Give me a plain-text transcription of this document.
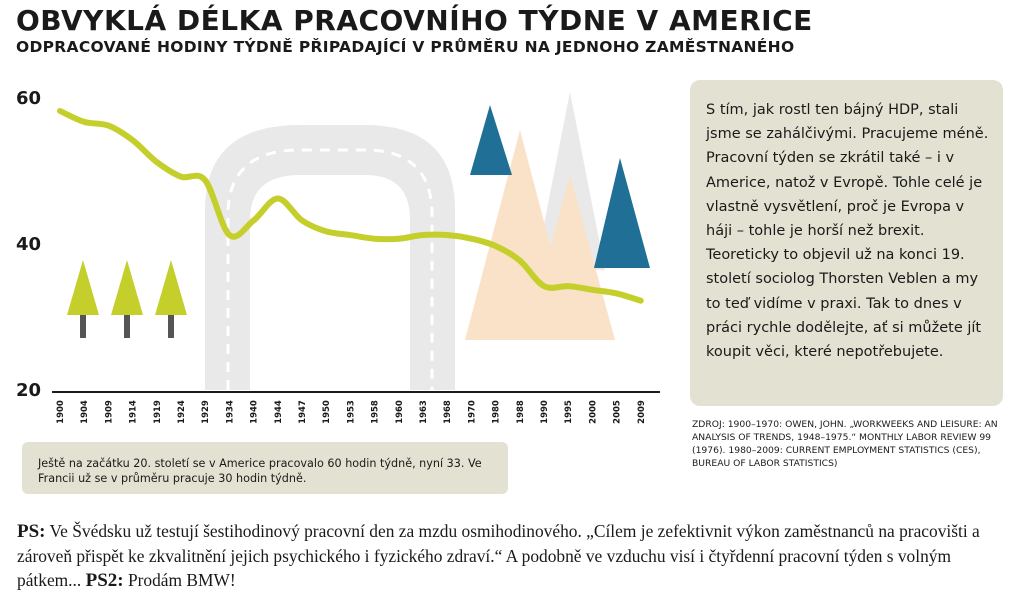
OBVYKLÁ DÉLKA PRACOVNÍHO TÝDNE V AMERICE
ODPRACOVANÉ HODINY TÝDNĚ PŘIPADAJÍCÍ V PRŮMĚRU NA JEDNOHO ZAMĚSTNANÉHO
1900 1904 1909 1914 1919 1924 1929 1934 1940 1944 1947 1950 1953 1958 1960 1963 1968 1970 1980 1988 1990 1995 2000 2005 2009
60
40
20

S tím, jak rostl ten bájný HDP, stali jsme se zahálčivými. Pracujeme méně. Pracovní týden se zkrátil také – i v Americe, natož v Evropě. Tohle celé je vlastně vysvětlení, proč je Evropa v háji – tohle je horší než brexit. Teoreticky to objevil už na konci 19. století sociolog Thorsten Veblen a my to teď vidíme v praxi. Tak to dnes v práci rychle dodělejte, ať si můžete jít koupit věci, které nepotřebujete.

ZDROJ: 1900–1970: OWEN, JOHN. „WORKWEEKS AND LEISURE: AN ANALYSIS OF TRENDS, 1948–1975.“ MONTHLY LABOR REVIEW 99 (1976). 1980–2009: CURRENT EMPLOYMENT STATISTICS (CES), BUREAU OF LABOR STATISTICS)

Ještě na začátku 20. století se v Americe pracovalo 60 hodin týdně, nyní 33. Ve Francii už se v průměru pracuje 30 hodin týdně.

PS: Ve Švédsku už testují šestihodinový pracovní den za mzdu osmihodinového. „Cílem je zefektivnit výkon zaměstnanců na pracovišti a zároveň přispět ke zkvalitnění jejich psychického i fyzického zdraví.“ A podobně ve vzduchu visí i čtyřdenní pracovní týden s volným pátkem... PS2: Prodám BMW!
